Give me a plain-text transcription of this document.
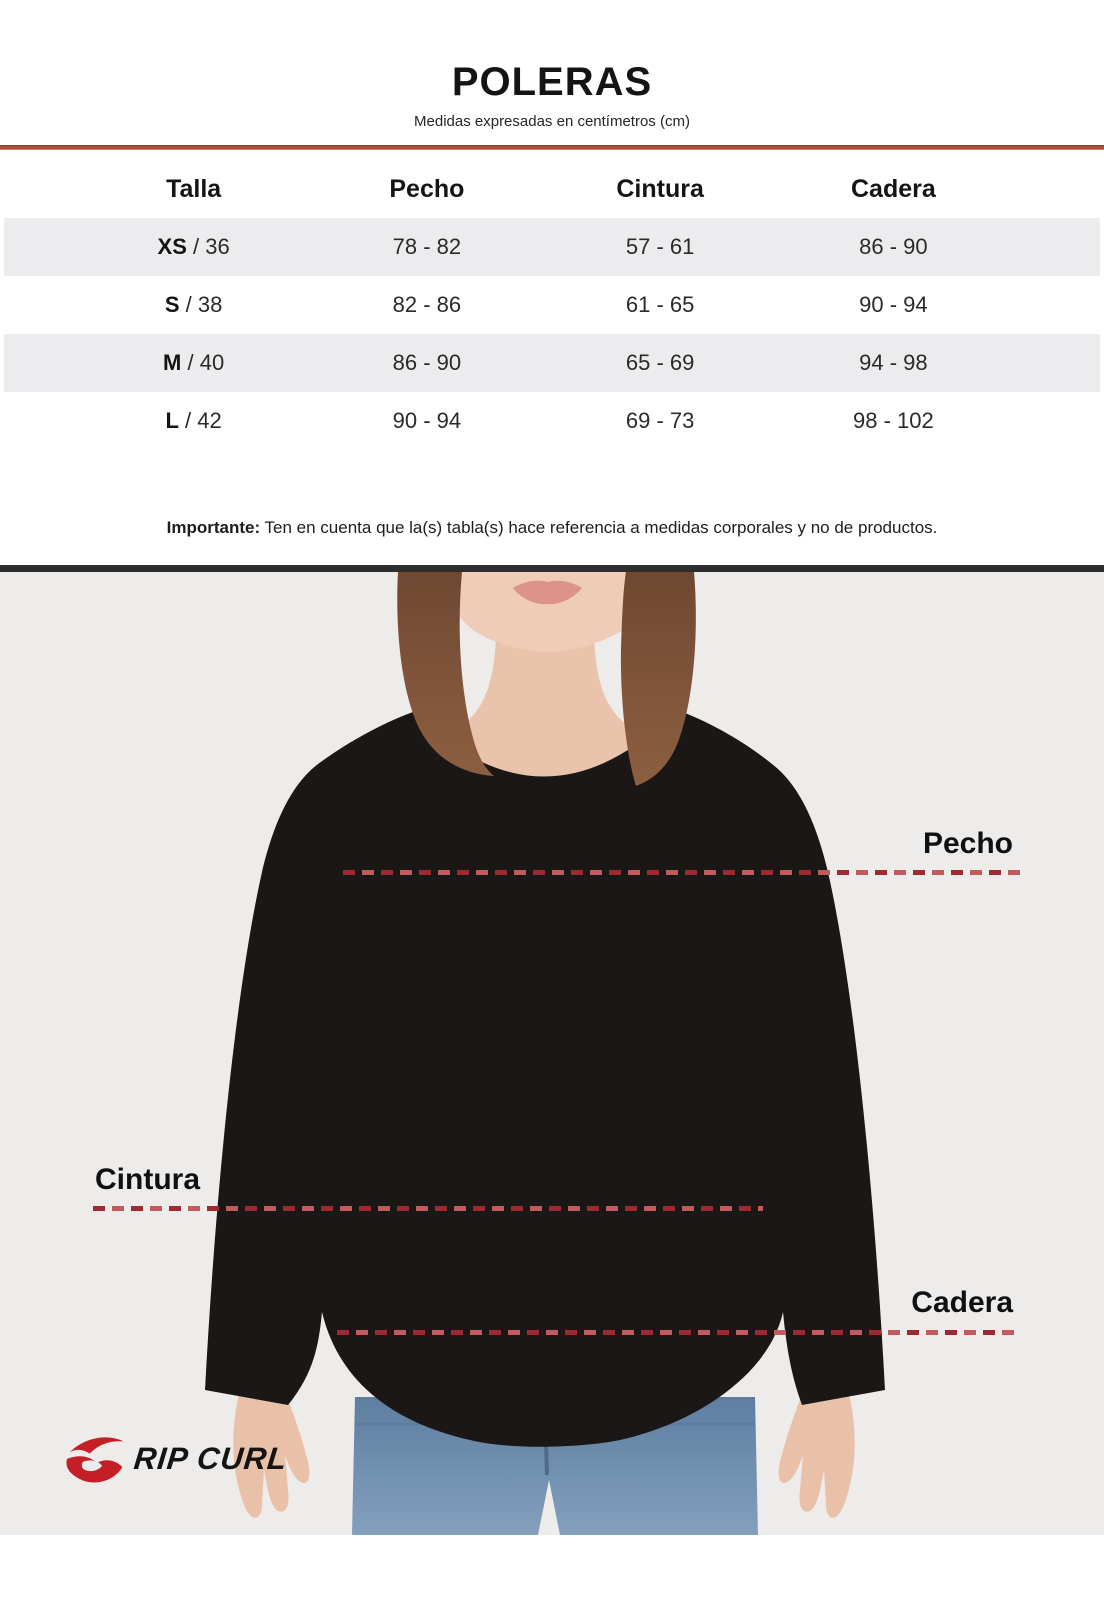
POLERAS
Medidas expresadas en centímetros (cm)
Talla	Pecho	Cintura	Cadera
XS / 36	78 - 82	57 - 61	86 - 90
S / 38	82 - 86	61 - 65	90 - 94
M / 40	86 - 90	65 - 69	94 - 98
L / 42	90 - 94	69 - 73	98 - 102
Importante: Ten en cuenta que la(s) tabla(s) hace referencia a medidas corporales y no de productos.
Pecho
Cintura
Cadera
RIP CURL
